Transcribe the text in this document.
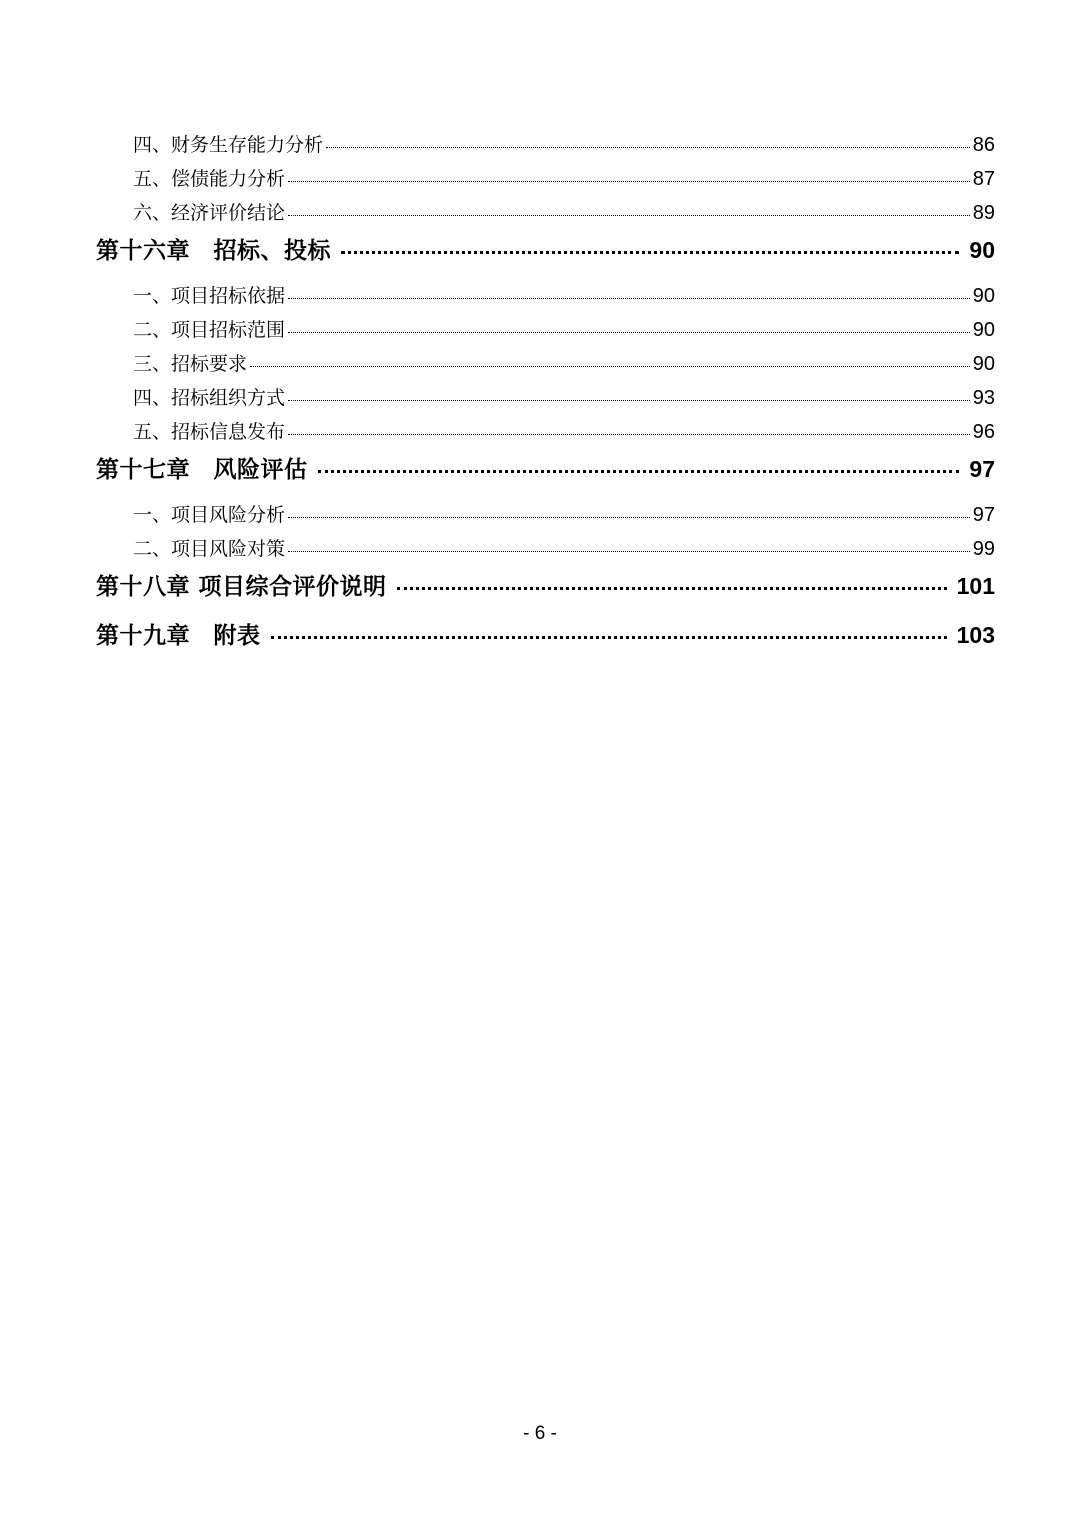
四、财务生存能力分析	86
五、偿债能力分析	87
六、经济评价结论	89
第十六章　招标、投标	90
一、项目招标依据	90
二、项目招标范围	90
三、招标要求	90
四、招标组织方式	93
五、招标信息发布	96
第十七章　风险评估	97
一、项目风险分析	97
二、项目风险对策	99
第十八章 项目综合评价说明	101
第十九章　附表	103
- 6 -
